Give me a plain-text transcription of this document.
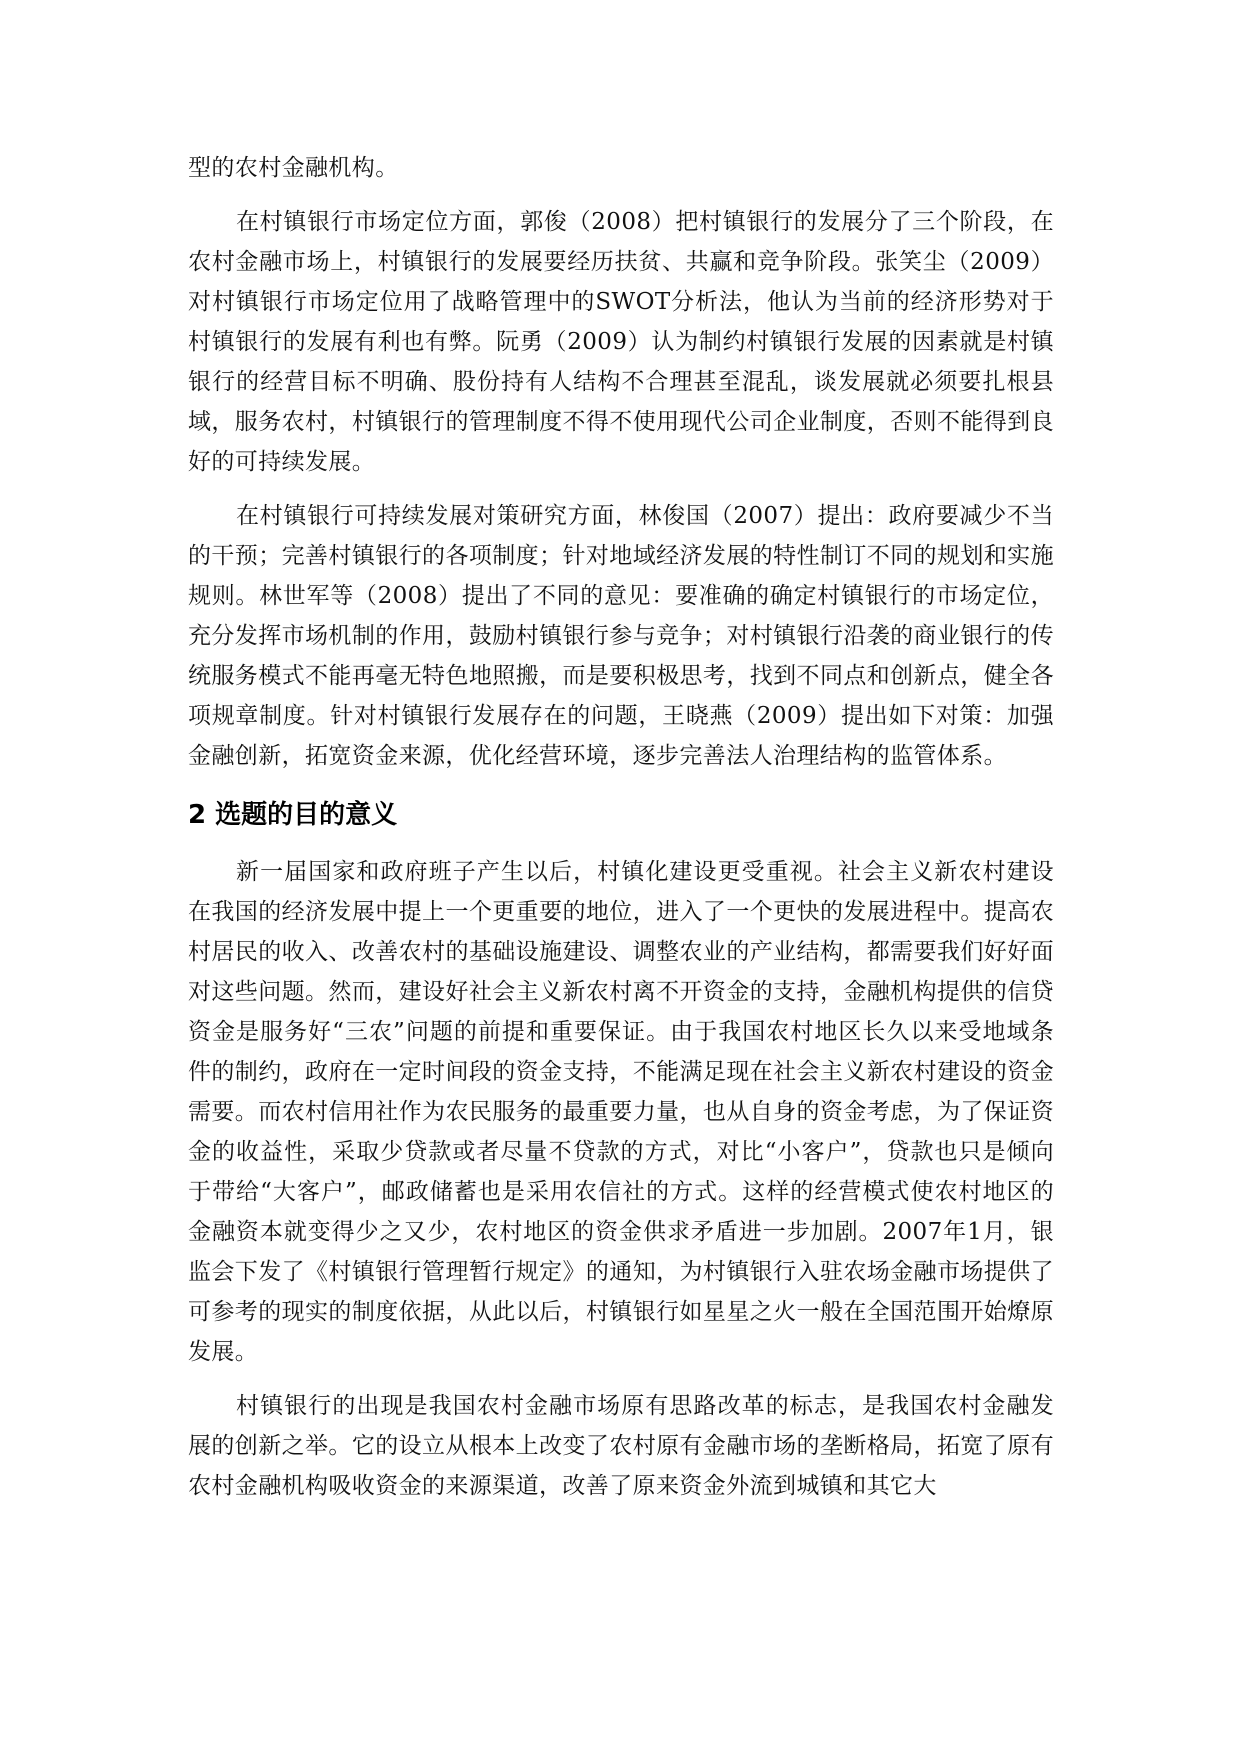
型的农村金融机构。

在村镇银行市场定位方面，郭俊（2008）把村镇银行的发展分了三个阶段，在农村金融市场上，村镇银行的发展要经历扶贫、共赢和竞争阶段。张笑尘（2009）对村镇银行市场定位用了战略管理中的SWOT分析法，他认为当前的经济形势对于村镇银行的发展有利也有弊。阮勇（2009）认为制约村镇银行发展的因素就是村镇银行的经营目标不明确、股份持有人结构不合理甚至混乱，谈发展就必须要扎根县域，服务农村，村镇银行的管理制度不得不使用现代公司企业制度，否则不能得到良好的可持续发展。

在村镇银行可持续发展对策研究方面，林俊国（2007）提出：政府要减少不当的干预；完善村镇银行的各项制度；针对地域经济发展的特性制订不同的规划和实施规则。林世军等（2008）提出了不同的意见：要准确的确定村镇银行的市场定位，充分发挥市场机制的作用，鼓励村镇银行参与竞争；对村镇银行沿袭的商业银行的传统服务模式不能再毫无特色地照搬，而是要积极思考，找到不同点和创新点，健全各项规章制度。针对村镇银行发展存在的问题，王晓燕（2009）提出如下对策：加强金融创新，拓宽资金来源，优化经营环境，逐步完善法人治理结构的监管体系。

2 选题的目的意义

新一届国家和政府班子产生以后，村镇化建设更受重视。社会主义新农村建设在我国的经济发展中提上一个更重要的地位，进入了一个更快的发展进程中。提高农村居民的收入、改善农村的基础设施建设、调整农业的产业结构，都需要我们好好面对这些问题。然而，建设好社会主义新农村离不开资金的支持，金融机构提供的信贷资金是服务好“三农”问题的前提和重要保证。由于我国农村地区长久以来受地域条件的制约，政府在一定时间段的资金支持，不能满足现在社会主义新农村建设的资金需要。而农村信用社作为农民服务的最重要力量，也从自身的资金考虑，为了保证资金的收益性，采取少贷款或者尽量不贷款的方式，对比“小客户”，贷款也只是倾向于带给“大客户”，邮政储蓄也是采用农信社的方式。这样的经营模式使农村地区的金融资本就变得少之又少，农村地区的资金供求矛盾进一步加剧。2007年1月，银监会下发了《村镇银行管理暂行规定》的通知，为村镇银行入驻农场金融市场提供了可参考的现实的制度依据，从此以后，村镇银行如星星之火一般在全国范围开始燎原发展。

村镇银行的出现是我国农村金融市场原有思路改革的标志，是我国农村金融发展的创新之举。它的设立从根本上改变了农村原有金融市场的垄断格局，拓宽了原有农村金融机构吸收资金的来源渠道，改善了原来资金外流到城镇和其它大
